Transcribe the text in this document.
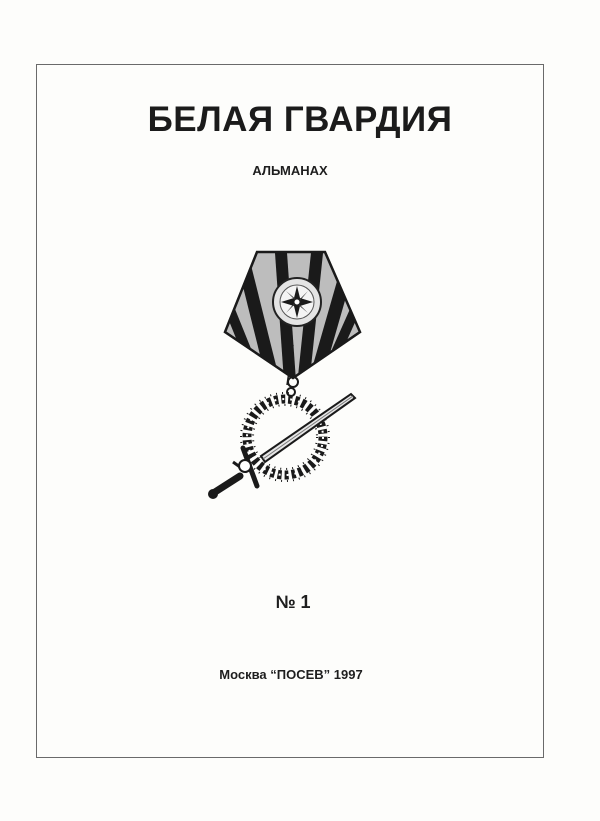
БЕЛАЯ ГВАРДИЯ
АЛЬМАНАХ
№ 1
Москва “ПОСЕВ” 1997
